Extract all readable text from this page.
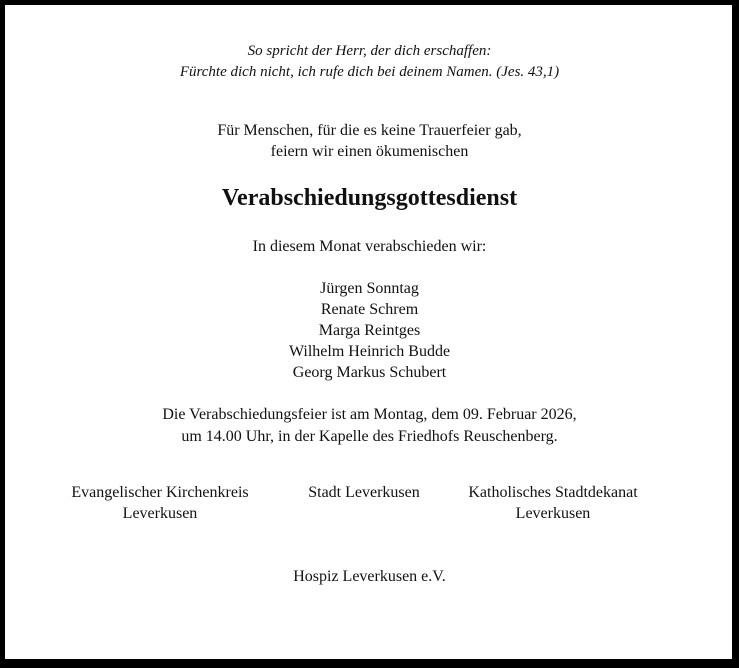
So spricht der Herr, der dich erschaffen:
Fürchte dich nicht, ich rufe dich bei deinem Namen. (Jes. 43,1)
Für Menschen, für die es keine Trauerfeier gab,
feiern wir einen ökumenischen
Verabschiedungsgottesdienst
In diesem Monat verabschieden wir:
Jürgen Sonntag
Renate Schrem
Marga Reintges
Wilhelm Heinrich Budde
Georg Markus Schubert
Die Verabschiedungsfeier ist am Montag, dem 09. Februar 2026,
um 14.00 Uhr, in der Kapelle des Friedhofs Reuschenberg.
Evangelischer Kirchenkreis
Leverkusen
Stadt Leverkusen	Katholisches Stadtdekanat
Leverkusen
Hospiz Leverkusen e.V.
